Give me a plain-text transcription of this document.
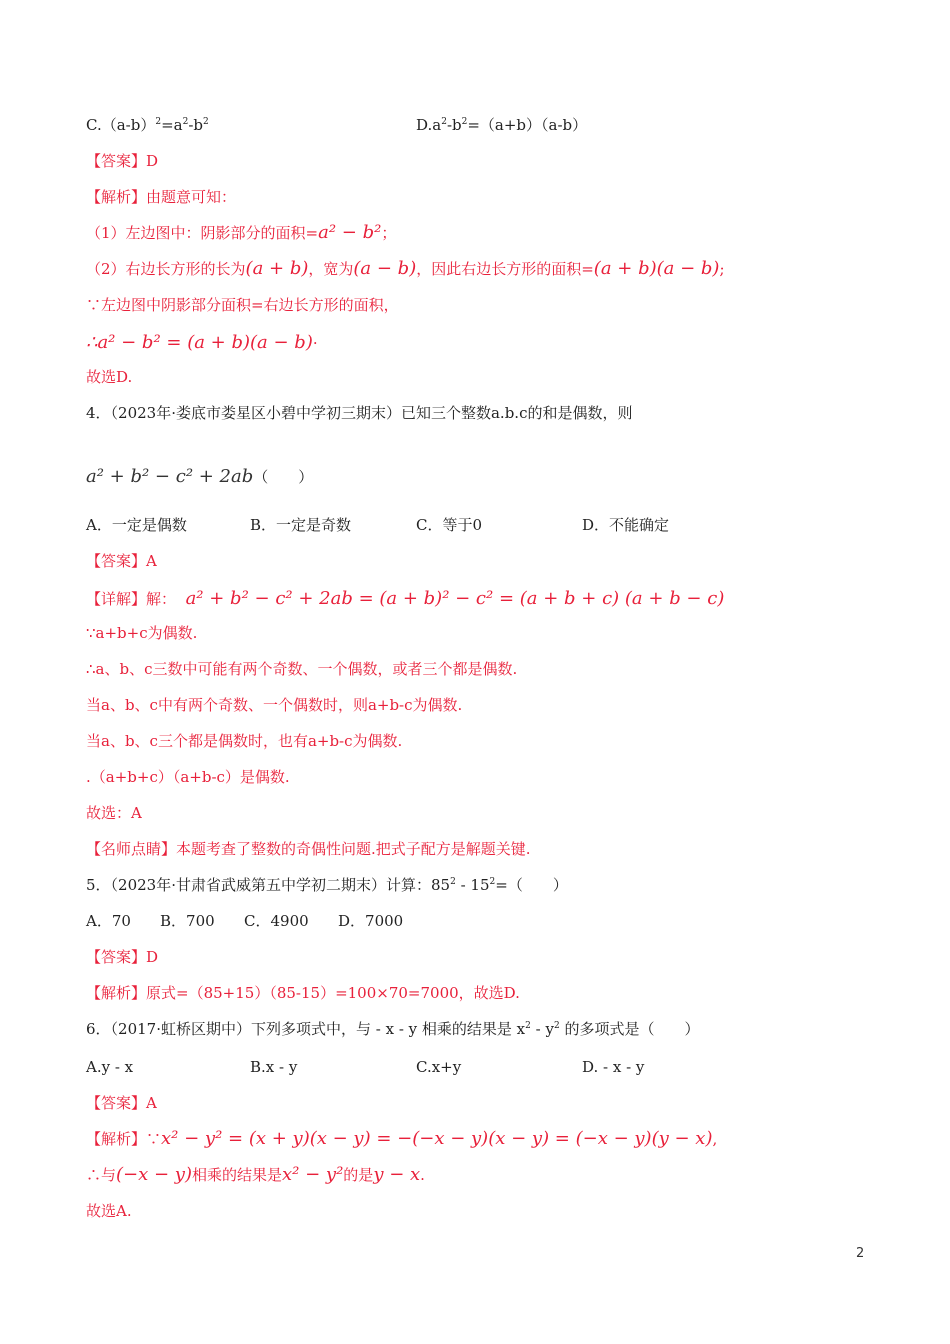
$C.(a-b)^2=a^2-b^2$	$D.a^2-b^2=(a+b)(a-b)$
【答案】D
【解析】由题意可知：
（1）左边图中：阴影部分的面积=a² − b²；
（2）右边长方形的长为(a + b)，宽为(a − b)，因此右边长方形的面积=(a + b)(a − b);
∵左边图中阴影部分面积=右边长方形的面积，
∴a² − b² = (a + b)(a − b)·
故选D.
4．（2023年·娄底市娄星区小碧中学初三期末）已知三个整数a.b.c的和是偶数，则
a² + b² − c² + 2ab（　　）
A．一定是偶数	B．一定是奇数	C．等于0	D．不能确定
【答案】A
【详解】解： a² + b² − c² + 2ab = (a + b)² − c² = (a + b + c) (a + b − c)
∵a+b+c为偶数.
∴a、b、c三数中可能有两个奇数、一个偶数，或者三个都是偶数.
当a、b、c中有两个奇数、一个偶数时，则a+b-c为偶数.
当a、b、c三个都是偶数时，也有a+b-c为偶数.
.（a+b+c）（a+b-c）是偶数.
故选：A
【名师点睛】本题考查了整数的奇偶性问题.把式子配方是解题关键.
5．（2023年·甘肃省武威第五中学初二期末）计算：$85^2 - 15^2=$（　　）
A．70 B．700 C．4900 D．7000
【答案】D
【解析】原式=（85+15）（85-15）=100×70=7000，故选D.
6．（2017·虹桥区期中）下列多项式中，与 - x - y 相乘的结果是 $x^2 - y^2$ 的多项式是（　　）
A.y - x	B.x - y	C.x+y	D. - x - y
【答案】A
【解析】∵x² − y² = (x + y)(x − y) = −(−x − y)(x − y) = (−x − y)(y − x),
∴与(−x − y)相乘的结果是x² − y²的是y − x.
故选A.
2
